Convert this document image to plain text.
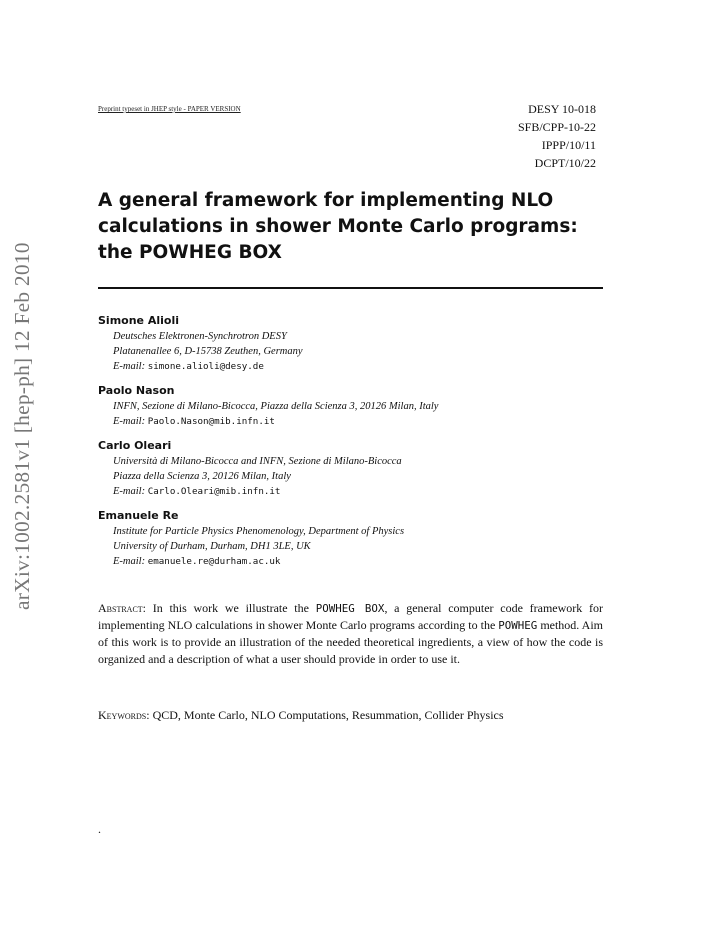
arXiv:1002.2581v1 [hep-ph] 12 Feb 2010
Preprint typeset in JHEP style - PAPER VERSION	DESY 10-018
SFB/CPP-10-22
IPPP/10/11
DCPT/10/22
A general framework for implementing NLO calculations in shower Monte Carlo programs: the POWHEG BOX
Simone Alioli
Deutsches Elektronen-Synchrotron DESY
Platanenallee 6, D-15738 Zeuthen, Germany
E-mail: simone.alioli@desy.de
Paolo Nason
INFN, Sezione di Milano-Bicocca, Piazza della Scienza 3, 20126 Milan, Italy
E-mail: Paolo.Nason@mib.infn.it
Carlo Oleari
Università di Milano-Bicocca and INFN, Sezione di Milano-Bicocca
Piazza della Scienza 3, 20126 Milan, Italy
E-mail: Carlo.Oleari@mib.infn.it
Emanuele Re
Institute for Particle Physics Phenomenology, Department of Physics
University of Durham, Durham, DH1 3LE, UK
E-mail: emanuele.re@durham.ac.uk
Abstract: In this work we illustrate the POWHEG BOX, a general computer code framework for implementing NLO calculations in shower Monte Carlo programs according to the POWHEG method. Aim of this work is to provide an illustration of the needed theoretical ingredients, a view of how the code is organized and a description of what a user should provide in order to use it.
Keywords: QCD, Monte Carlo, NLO Computations, Resummation, Collider Physics
.
